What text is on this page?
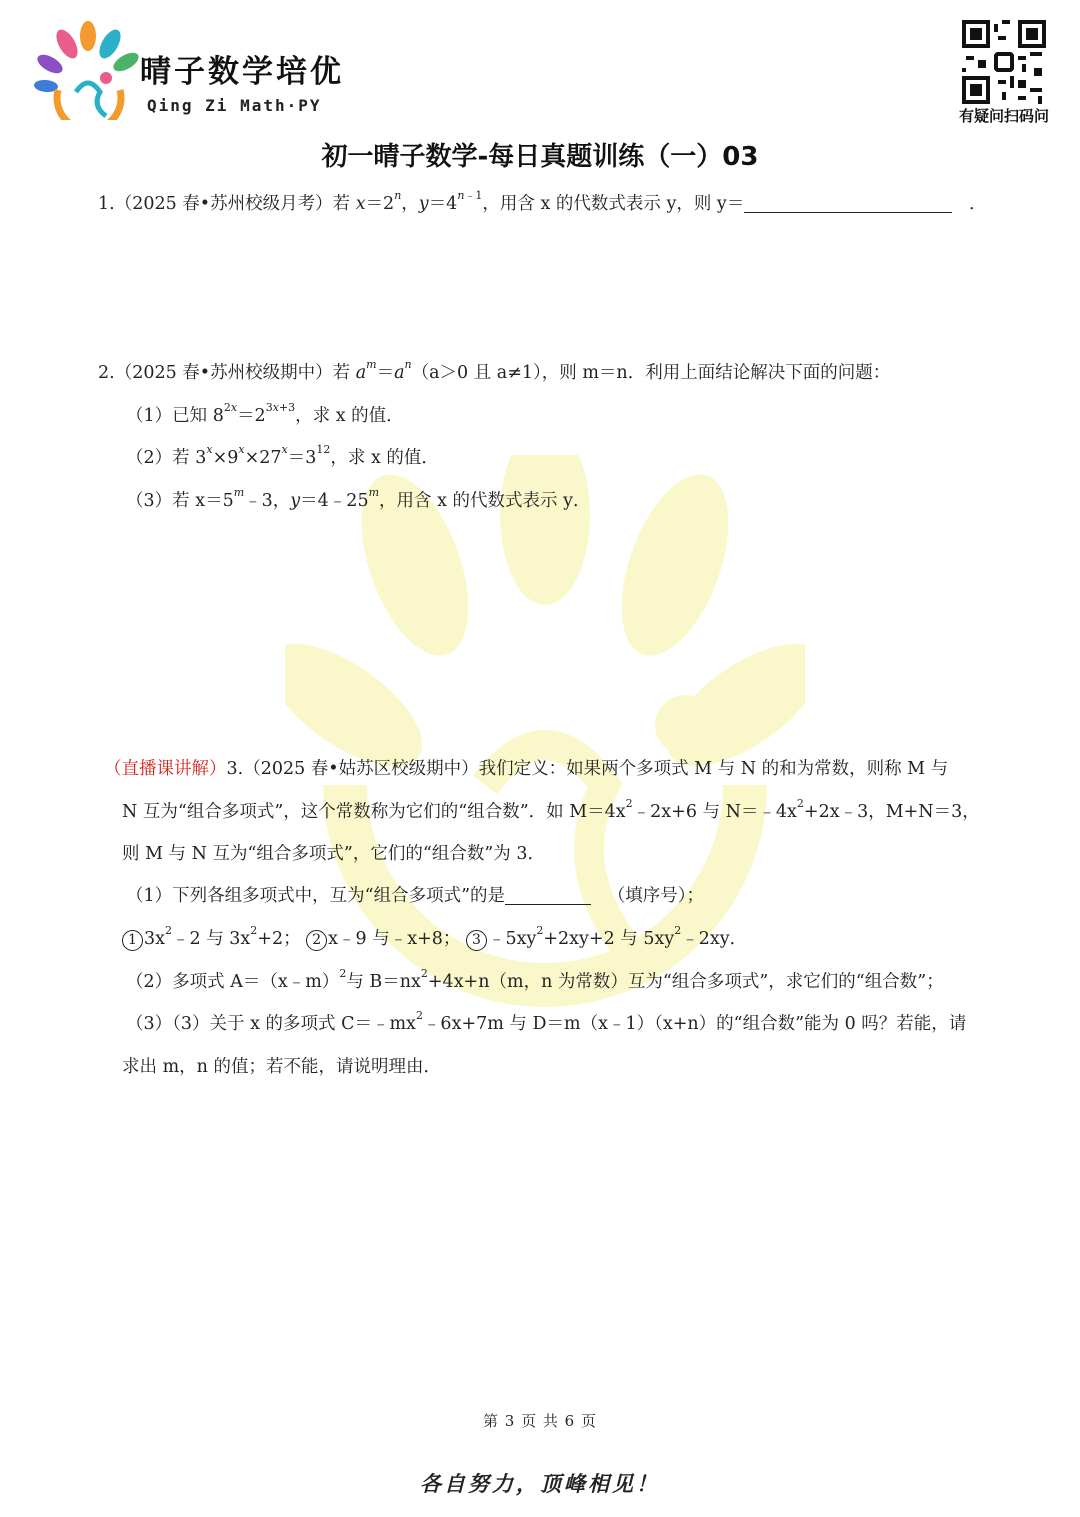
晴子数学培优
Qing Zi Math·PY
有疑问扫码问
初一晴子数学-每日真题训练（一）03
1.（2025 春•苏州校级月考）若 $x=2^n$，$y=4^{n﹣1}$，用含 x 的代数式表示 y，则 y＝	．
2.（2025 春•苏州校级期中）若 $a^m=a^n(a>0$ 且 a≠1），则 m＝n．利用上面结论解决下面的问题：
（1）已知 $8^{2x}=2^{3x+3}$，求 x 的值．
（2）若 $3^x\times 9^x\times 27^x=3^{12}$，求 x 的值．
（3）若 $x=5^m﹣3$，$y=4﹣25^m$，用含 x 的代数式表示 y．
（直播课讲解）3.（2025 春•姑苏区校级期中）我们定义：如果两个多项式 M 与 N 的和为常数，则称 M 与
N 互为“组合多项式”，这个常数称为它们的“组合数”．如 $M=4x^2﹣2x+6$ 与 $N=﹣4x^2+2x﹣3$，M+N＝3，
则 M 与 N 互为“组合多项式”，它们的“组合数”为 3．
（1）下列各组多项式中，互为“组合多项式”的是	（填序号）；
1 $3x^2﹣2$ 与 $3x^2+2$； 2 x﹣9 与﹣x+8； 3 $﹣5xy^2+2xy+2$ 与 $5xy^2﹣2xy$．
（2）多项式 A＝（x﹣m）$^2$与 $B=nx^2+4x+n(m$，n 为常数）互为“组合多项式”，求它们的“组合数”；
（3）（3）关于 x 的多项式 $C=﹣mx^2﹣6x+7m$ 与 D＝m（x﹣1）（x+n）的“组合数”能为 0 吗？若能，请
求出 m，n 的值；若不能，请说明理由．
第 3 页 共 6 页
各自努力，顶峰相见！
